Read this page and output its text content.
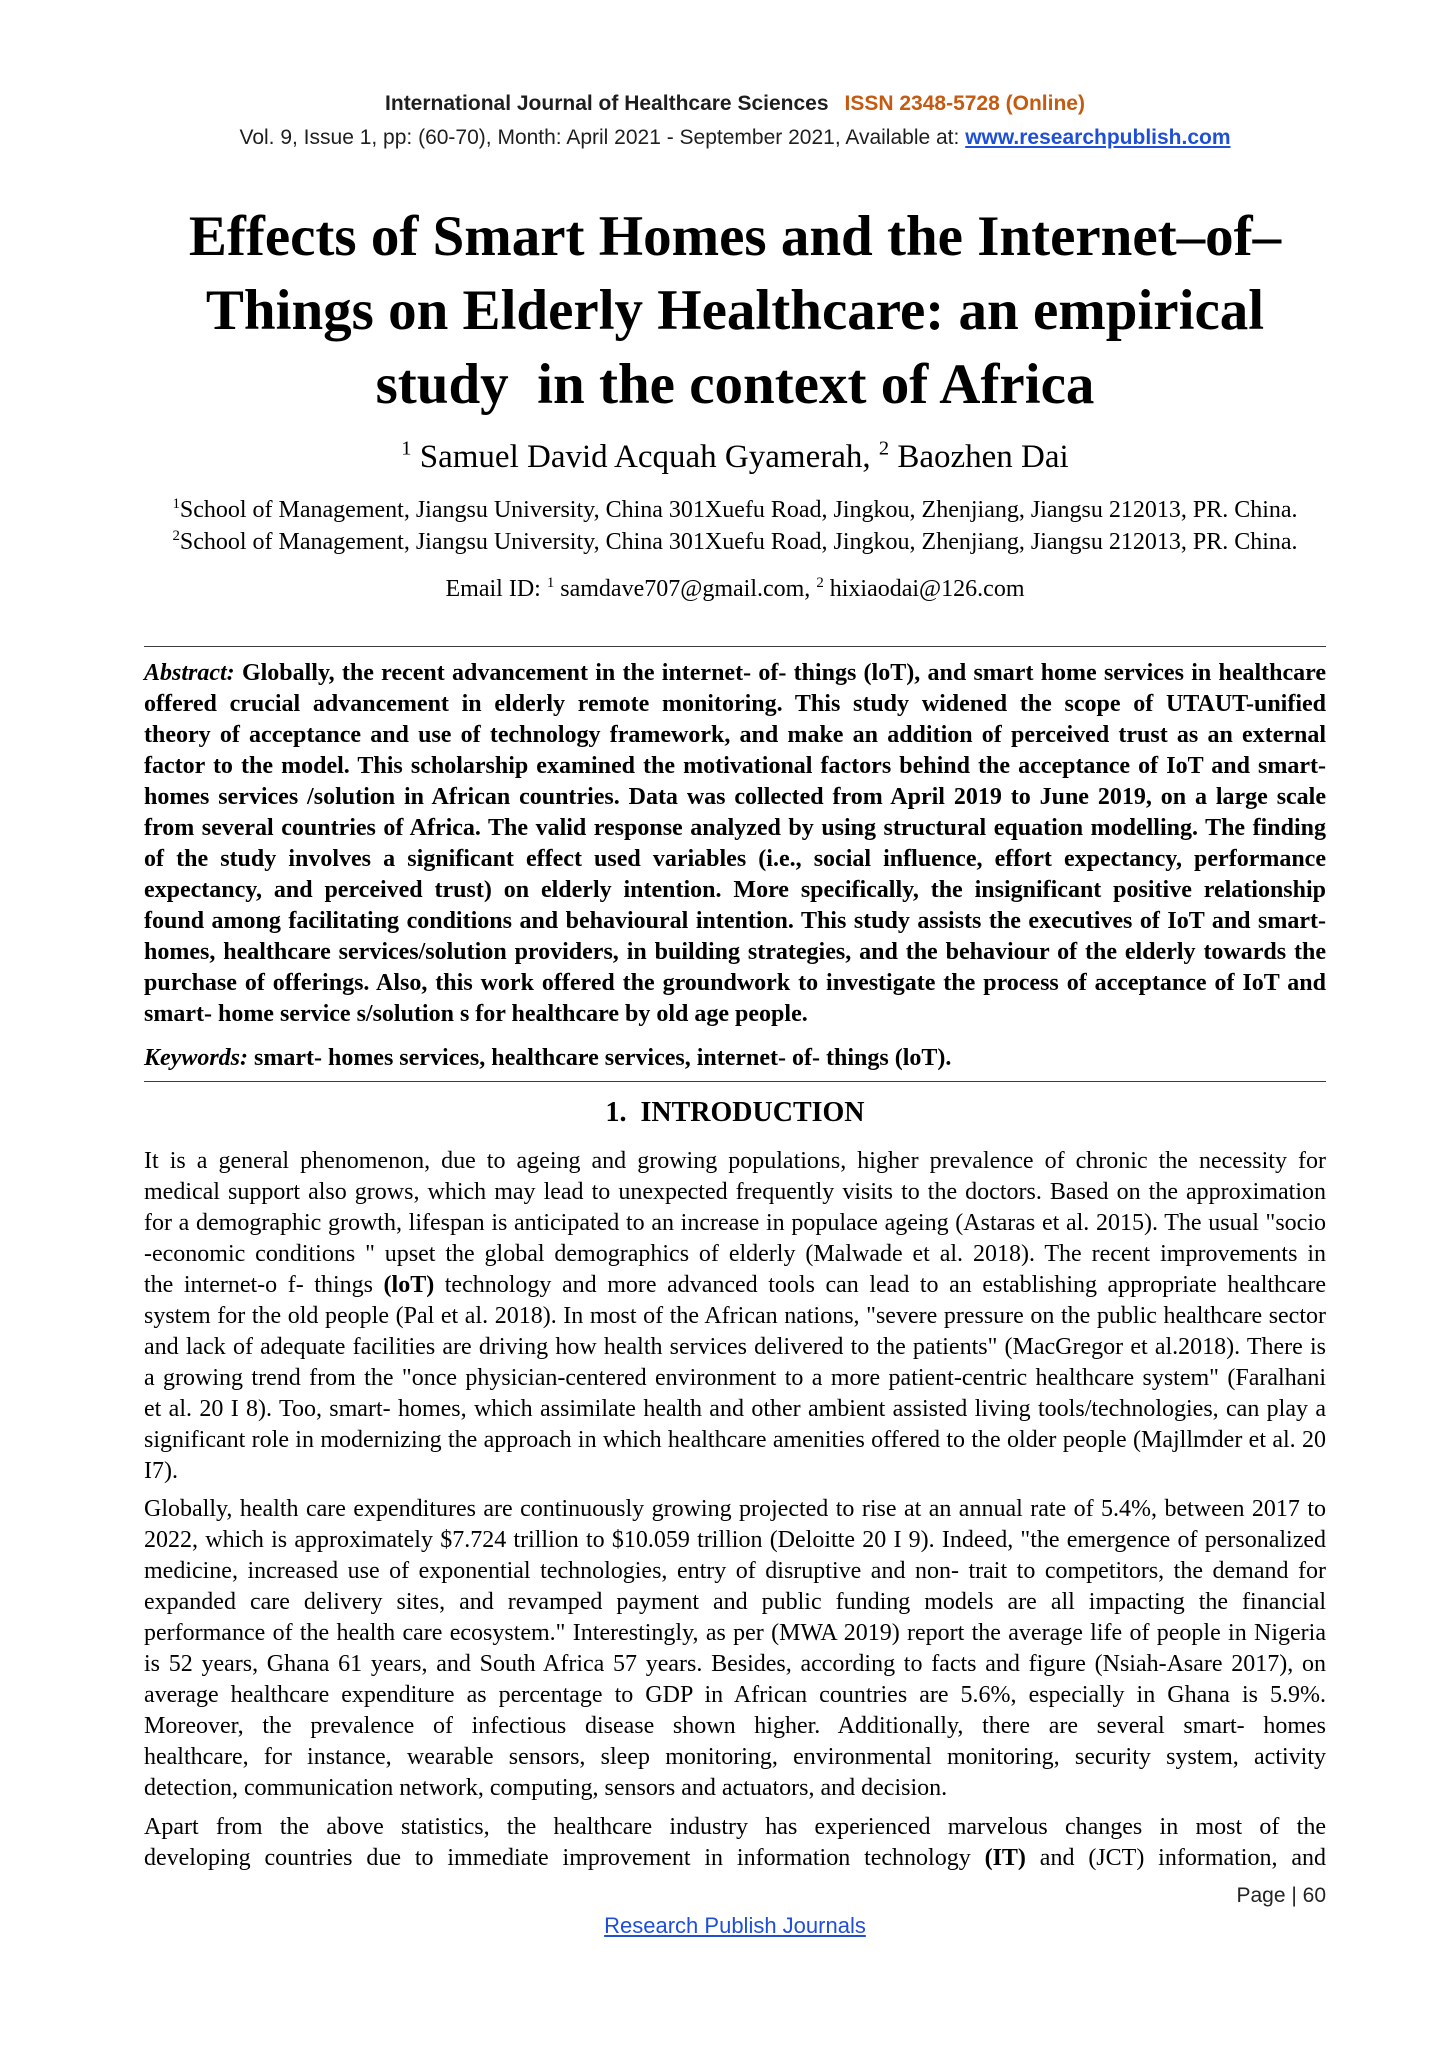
International Journal of Healthcare Sciences ISSN 2348-5728 (Online)
Vol. 9, Issue 1, pp: (60-70), Month: April 2021 - September 2021, Available at: www.researchpublish.com
Effects of Smart Homes and the Internet–of–
Things on Elderly Healthcare: an empirical
study  in the context of Africa
$^1$ Samuel David Acquah Gyamerah, $^2$ Baozhen Dai
$^1$School of Management, Jiangsu University, China 301Xuefu Road, Jingkou, Zhenjiang, Jiangsu 212013, PR. China.
$^2$School of Management, Jiangsu University, China 301Xuefu Road, Jingkou, Zhenjiang, Jiangsu 212013, PR. China.
Email ID: $^1$ samdave707@gmail.com, $^2$ hixiaodai@126.com
Abstract: Globally, the recent advancement in the internet- of- things (loT), and smart home services in healthcare
offered crucial advancement in elderly remote monitoring. This study widened the scope of UTAUT-unified
theory of acceptance and use of technology framework, and make an addition of perceived trust as an external
factor to the model. This scholarship examined the motivational factors behind the acceptance of IoT and smart-
homes services /solution in African countries. Data was collected from April 2019 to June 2019, on a large scale
from several countries of Africa. The valid response analyzed by using structural equation modelling. The finding
of the study involves a significant effect used variables (i.e., social influence, effort expectancy, performance
expectancy, and perceived trust) on elderly intention. More specifically, the insignificant positive relationship
found among facilitating conditions and behavioural intention. This study assists the executives of IoT and smart-
homes, healthcare services/solution providers, in building strategies, and the behaviour of the elderly towards the
purchase of offerings. Also, this work offered the groundwork to investigate the process of acceptance of IoT and
smart- home service s/solution s for healthcare by old age people.
Keywords: smart- homes services, healthcare services, internet- of- things (loT).
1.  INTRODUCTION
It is a general phenomenon, due to ageing and growing populations, higher prevalence of chronic the necessity for
medical support also grows, which may lead to unexpected frequently visits to the doctors. Based on the approximation
for a demographic growth, lifespan is anticipated to an increase in populace ageing (Astaras et al. 2015). The usual "socio
-economic conditions " upset the global demographics of elderly (Malwade et al. 2018). The recent improvements in
the internet-o f- things (loT) technology and more advanced tools can lead to an establishing appropriate healthcare
system for the old people (Pal et al. 2018). In most of the African nations, "severe pressure on the public healthcare sector
and lack of adequate facilities are driving how health services delivered to the patients" (MacGregor et al.2018). There is
a growing trend from the "once physician-centered environment to a more patient-centric healthcare system" (Faralhani
et al. 20 I 8). Too, smart- homes, which assimilate health and other ambient assisted living tools/technologies, can play a
significant role in modernizing the approach in which healthcare amenities offered to the older people (Majllmder et al. 20
I7).
Globally, health care expenditures are continuously growing projected to rise at an annual rate of 5.4%, between 2017 to
2022, which is approximately $7.724 trillion to $10.059 trillion (Deloitte 20 I 9). Indeed, "the emergence of personalized
medicine, increased use of exponential technologies, entry of disruptive and non- trait to competitors, the demand for
expanded care delivery sites, and revamped payment and public funding models are all impacting the financial
performance of the health care ecosystem." Interestingly, as per (MWA 2019) report the average life of people in Nigeria
is 52 years, Ghana 61 years, and South Africa 57 years. Besides, according to facts and figure (Nsiah-Asare 2017), on
average healthcare expenditure as percentage to GDP in African countries are 5.6%, especially in Ghana is 5.9%.
Moreover, the prevalence of infectious disease shown higher. Additionally, there are several smart- homes
healthcare, for instance, wearable sensors, sleep monitoring, environmental monitoring, security system, activity
detection, communication network, computing, sensors and actuators, and decision.
Apart from the above statistics, the healthcare industry has experienced marvelous changes in most of the
developing countries due to immediate improvement in information technology (IT) and (JCT) information, and
Page | 60
Research Publish Journals
